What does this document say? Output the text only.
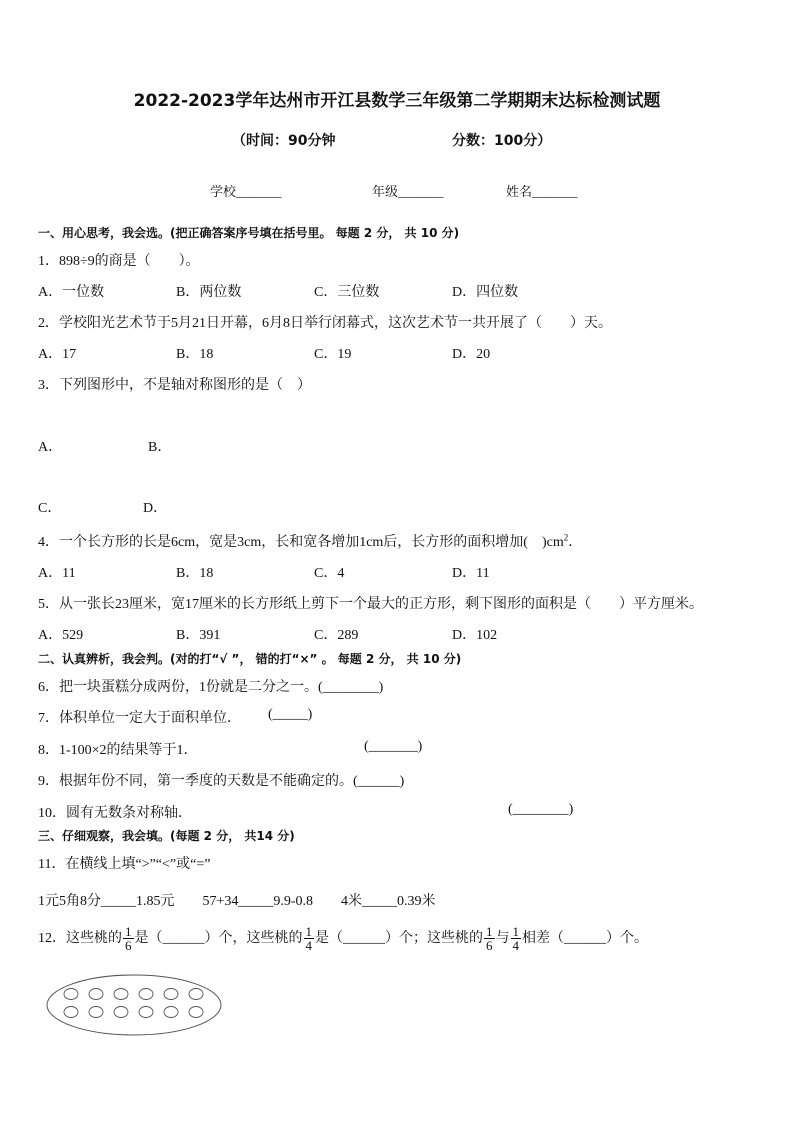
2022-2023学年达州市开江县数学三年级第二学期期末达标检测试题
（时间：90分钟	分数：100分）
学校_______	年级_______	姓名_______
一、用心思考，我会选。(把正确答案序号填在括号里。 每题 2 分， 共 10 分)
1．898÷9的商是（　　）。
A．一位数	B．两位数	C．三位数	D．四位数
2．学校阳光艺术节于5月21日开幕，6月8日举行闭幕式，这次艺术节一共开展了（　　）天。
A．17	B．18	C．19	D．20
3．下列图形中，不是轴对称图形的是（　）
A．	B．
C．	D．
4．一个长方形的长是6cm，宽是3cm，长和宽各增加1cm后，长方形的面积增加(　)$cm^2$．
A．11	B．18	C．4	D．11
5．从一张长23厘米，宽17厘米的长方形纸上剪下一个最大的正方形，剩下图形的面积是（　　）平方厘米。
A．529	B．391	C．289	D．102
二、认真辨析，我会判。(对的打“√ ”， 错的打“×” 。 每题 2 分， 共 10 分)
6．把一块蛋糕分成两份，1份就是二分之一。(________)
7．体积单位一定大于面积单位． (_____)
8．1-100×2的结果等于1．	(_______)
9．根据年份不同，第一季度的天数是不能确定的。(______)
10．圆有无数条对称轴．	(________)
三、仔细观察，我会填。(每题 2 分， 共14 分)
11．在横线上填“>”“<”或“=”
1元5角8分_____1.85元　　57+34_____9.9-0.8　　4米_____0.39米
12．这些桃的 $\frac{1}{6}$ 是（______）个，这些桃的 $\frac{1}{4}$ 是（______）个；这些桃的 $\frac{1}{6}$ 与 $\frac{1}{4}$ 相差（______）个。
